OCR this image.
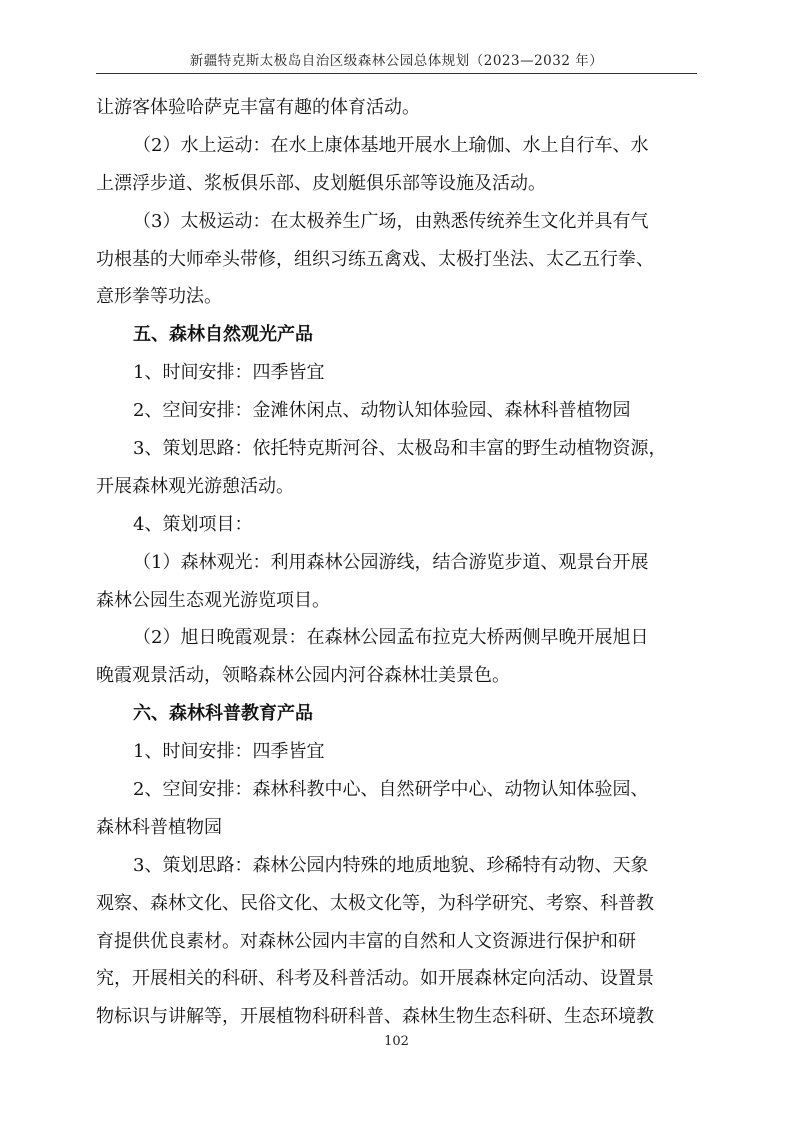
新疆特克斯太极岛自治区级森林公园总体规划（2023—2032 年）
让游客体验哈萨克丰富有趣的体育活动。
（2）水上运动：在水上康体基地开展水上瑜伽、水上自行车、水
上漂浮步道、浆板俱乐部、皮划艇俱乐部等设施及活动。
（3）太极运动：在太极养生广场，由熟悉传统养生文化并具有气
功根基的大师牵头带修，组织习练五禽戏、太极打坐法、太乙五行拳、
意形拳等功法。
五、森林自然观光产品
1、时间安排：四季皆宜
2、空间安排：金滩休闲点、动物认知体验园、森林科普植物园
3、策划思路：依托特克斯河谷、太极岛和丰富的野生动植物资源，
开展森林观光游憩活动。
4、策划项目：
（1）森林观光：利用森林公园游线，结合游览步道、观景台开展
森林公园生态观光游览项目。
（2）旭日晚霞观景：在森林公园孟布拉克大桥两侧早晚开展旭日
晚霞观景活动，领略森林公园内河谷森林壮美景色。
六、森林科普教育产品
1、时间安排：四季皆宜
2、空间安排：森林科教中心、自然研学中心、动物认知体验园、
森林科普植物园
3、策划思路：森林公园内特殊的地质地貌、珍稀特有动物、天象
观察、森林文化、民俗文化、太极文化等，为科学研究、考察、科普教
育提供优良素材。对森林公园内丰富的自然和人文资源进行保护和研
究，开展相关的科研、科考及科普活动。如开展森林定向活动、设置景
物标识与讲解等，开展植物科研科普、森林生物生态科研、生态环境教
102
